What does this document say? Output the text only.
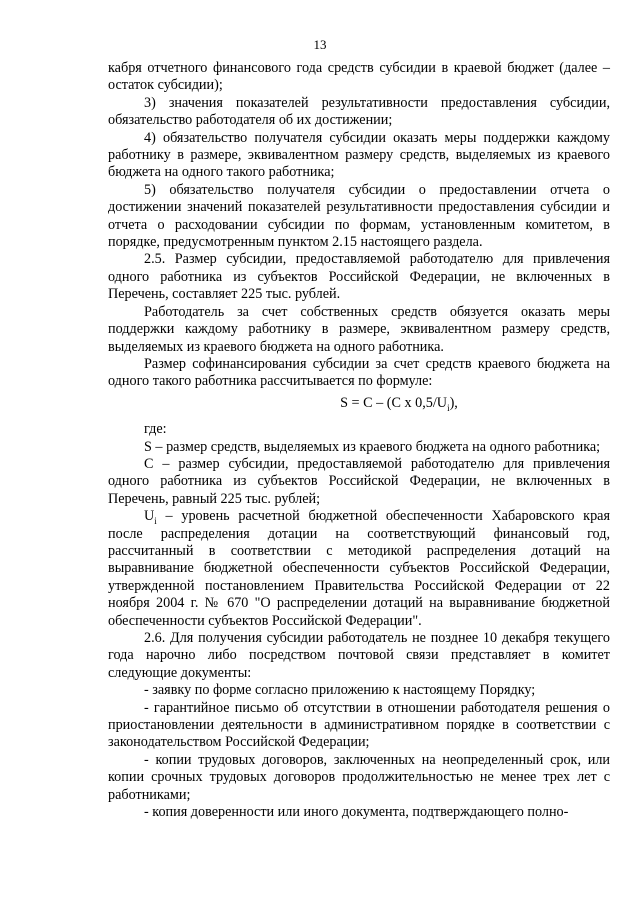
13

кабря отчетного финансового года средств субсидии в краевой бюджет (далее – остаток субсидии);

3) значения показателей результативности предоставления субсидии, обязательство работодателя об их достижении;

4) обязательство получателя субсидии оказать меры поддержки каждому работнику в размере, эквивалентном размеру средств, выделяемых из краевого бюджета на одного такого работника;

5) обязательство получателя субсидии о предоставлении отчета о достижении значений показателей результативности предоставления субсидии и отчета о расходовании субсидии по формам, установленным комитетом, в порядке, предусмотренным пунктом 2.15 настоящего раздела.

2.5. Размер субсидии, предоставляемой работодателю для привлечения одного работника из субъектов Российской Федерации, не включенных в Перечень, составляет 225 тыс. рублей.

Работодатель за счет собственных средств обязуется оказать меры поддержки каждому работнику в размере, эквивалентном размеру средств, выделяемых из краевого бюджета на одного работника.

Размер софинансирования субсидии за счет средств краевого бюджета на одного такого работника рассчитывается по формуле:

S = C – (C x $0,5/U_i$),

где:

S – размер средств, выделяемых из краевого бюджета на одного работника;

С – размер субсидии, предоставляемой работодателю для привлечения одного работника из субъектов Российской Федерации, не включенных в Перечень, равный 225 тыс. рублей;

$U_i$ – уровень расчетной бюджетной обеспеченности Хабаровского края после распределения дотации на соответствующий финансовый год, рассчитанный в соответствии с методикой распределения дотаций на выравнивание бюджетной обеспеченности субъектов Российской Федерации, утвержденной постановлением Правительства Российской Федерации от 22 ноября 2004 г. № 670 "О распределении дотаций на выравнивание бюджетной обеспеченности субъектов Российской Федерации".

2.6. Для получения субсидии работодатель не позднее 10 декабря текущего года нарочно либо посредством почтовой связи представляет в комитет следующие документы:

- заявку по форме согласно приложению к настоящему Порядку;

- гарантийное письмо об отсутствии в отношении работодателя решения о приостановлении деятельности в административном порядке в соответствии с законодательством Российской Федерации;

- копии трудовых договоров, заключенных на неопределенный срок, или копии срочных трудовых договоров продолжительностью не менее трех лет с работниками;

- копия доверенности или иного документа, подтверждающего полно-
